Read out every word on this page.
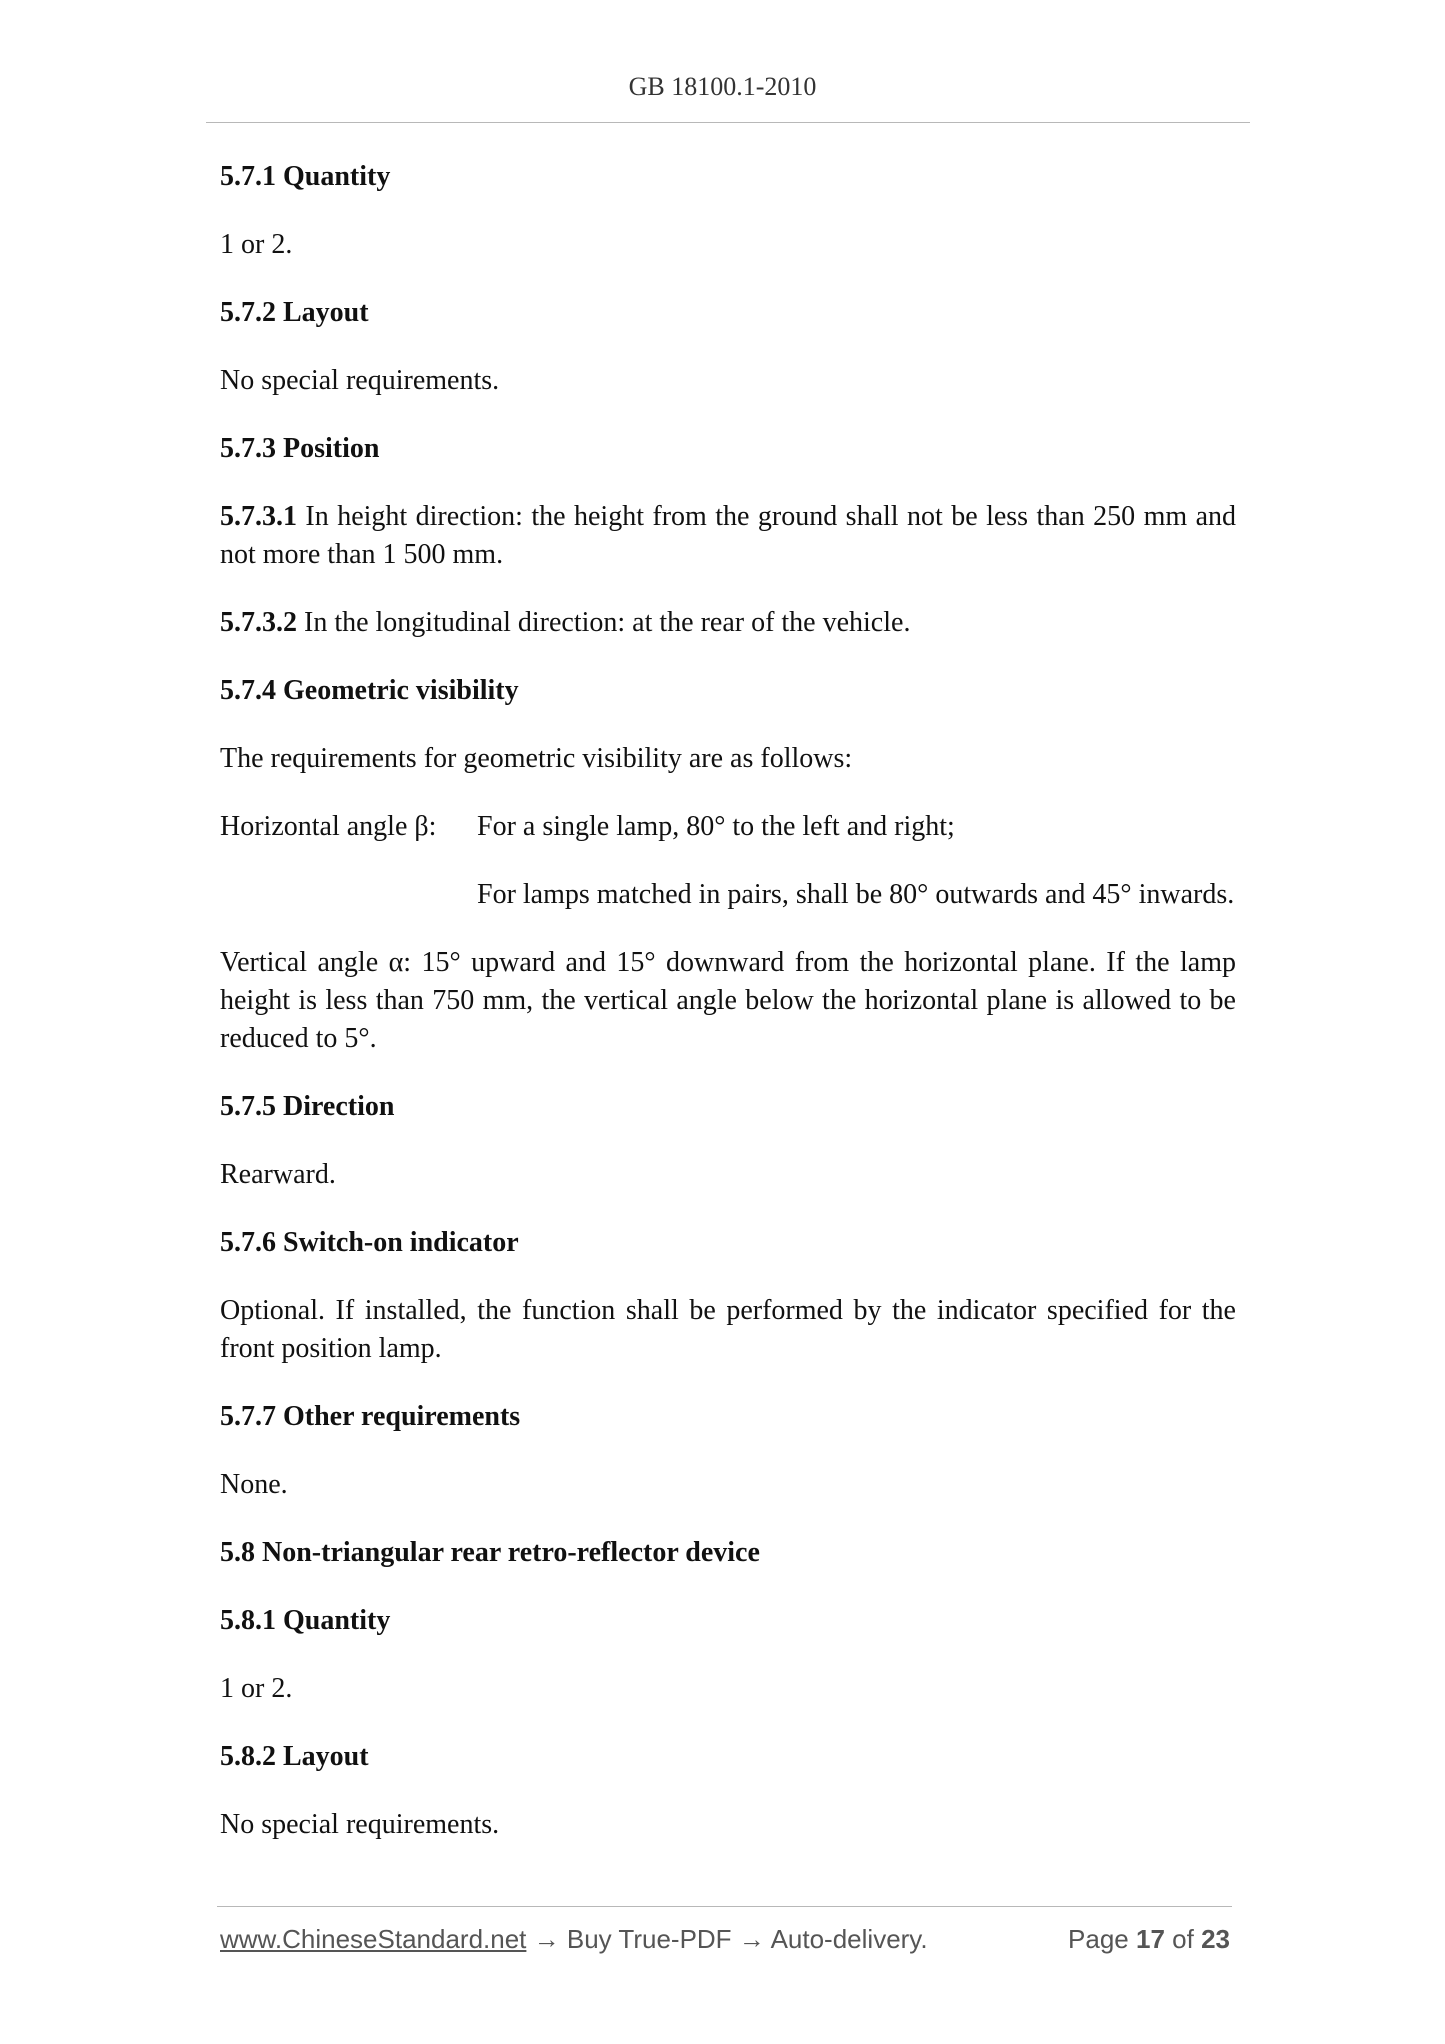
GB 18100.1-2010
5.7.1 Quantity
1 or 2.
5.7.2 Layout
No special requirements.
5.7.3 Position
5.7.3.1 In height direction: the height from the ground shall not be less than 250 mm and not more than 1 500 mm.
5.7.3.2 In the longitudinal direction: at the rear of the vehicle.
5.7.4 Geometric visibility
The requirements for geometric visibility are as follows:
Horizontal angle β:	For a single lamp, 80° to the left and right;
For lamps matched in pairs, shall be 80° outwards and 45° inwards.
Vertical angle α: 15° upward and 15° downward from the horizontal plane. If the lamp height is less than 750 mm, the vertical angle below the horizontal plane is allowed to be reduced to 5°.
5.7.5 Direction
Rearward.
5.7.6 Switch-on indicator
Optional. If installed, the function shall be performed by the indicator specified for the front position lamp.
5.7.7 Other requirements
None.
5.8 Non-triangular rear retro-reflector device
5.8.1 Quantity
1 or 2.
5.8.2 Layout
No special requirements.
www.ChineseStandard.net → Buy True-PDF → Auto-delivery.	Page 17 of 23
